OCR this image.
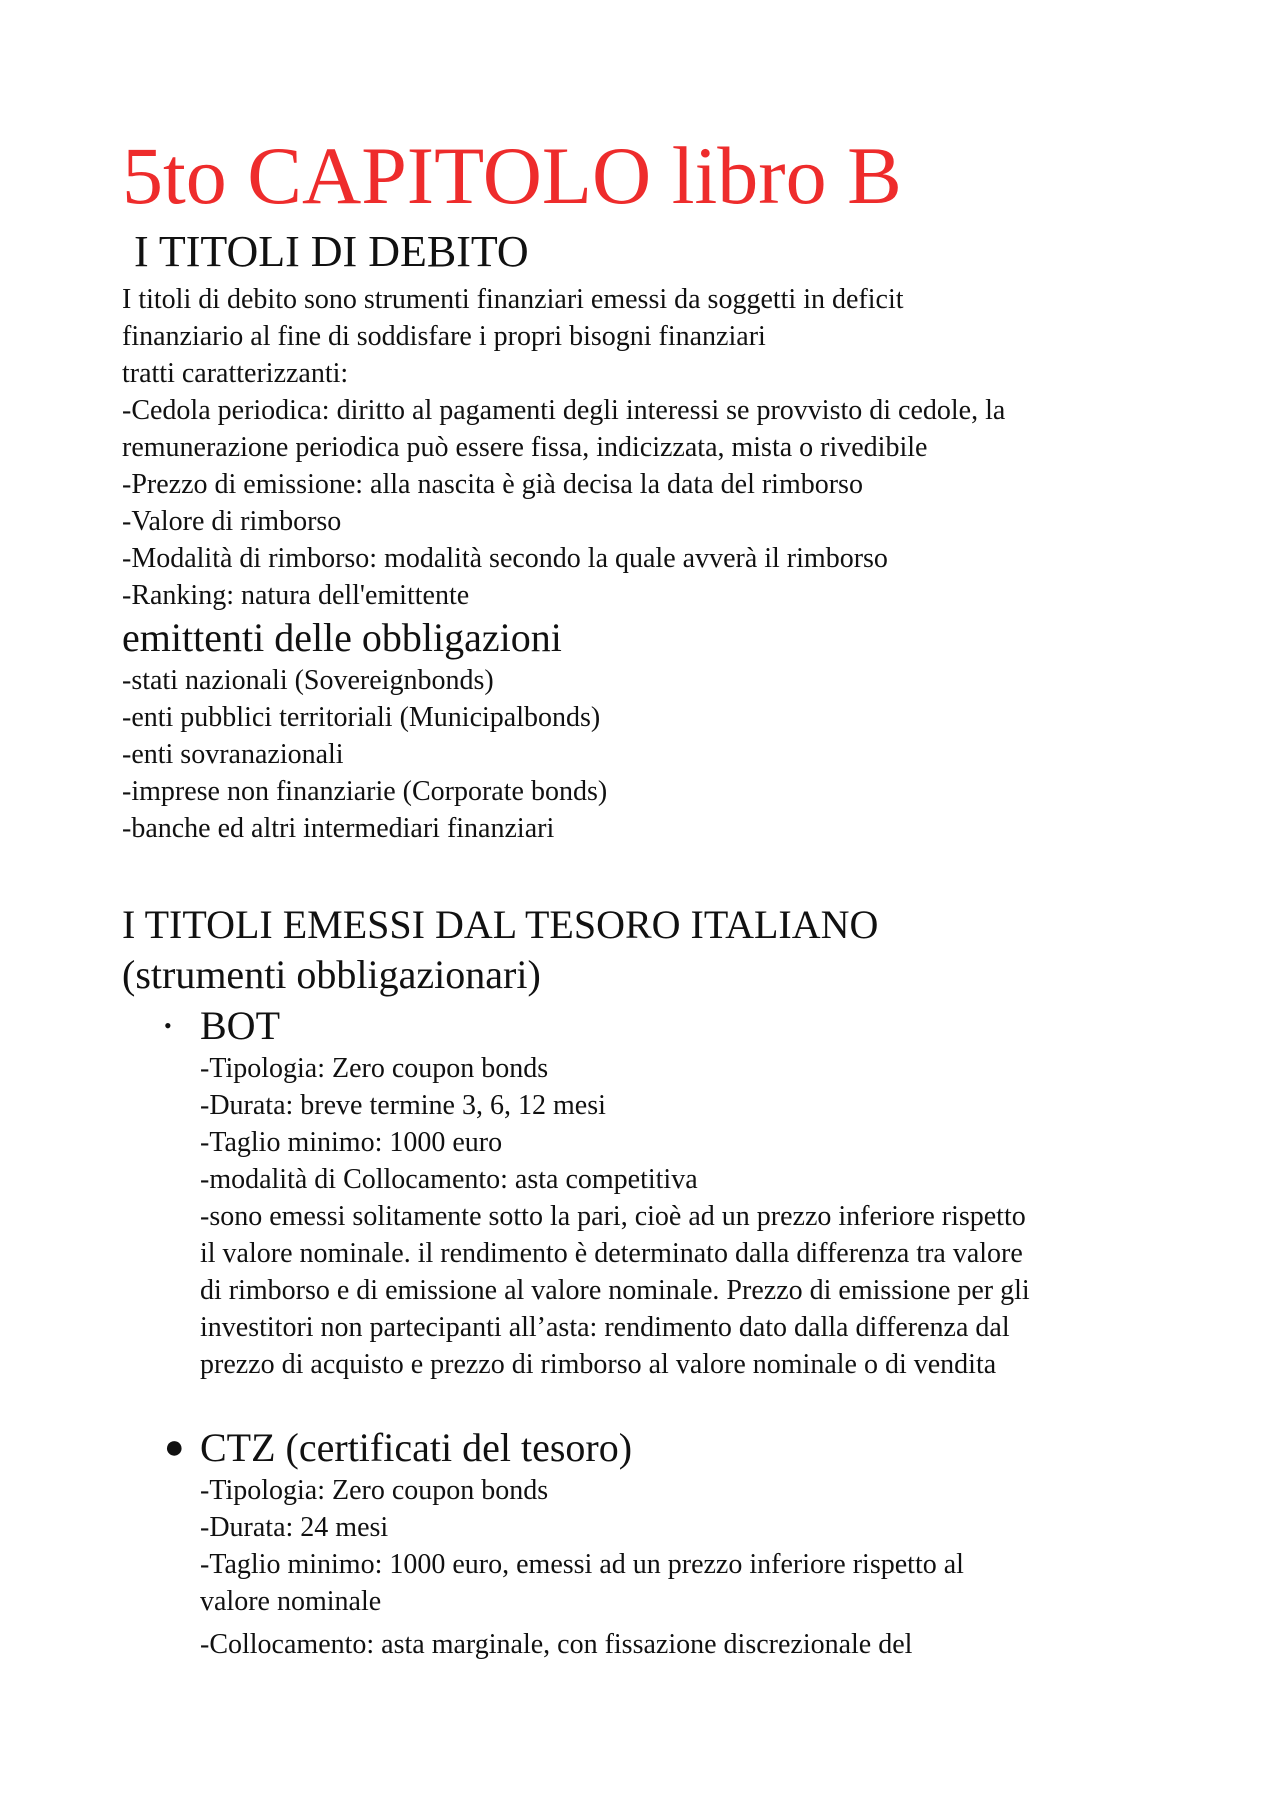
5to CAPITOLO libro B
I TITOLI DI DEBITO
I titoli di debito sono strumenti finanziari emessi da soggetti in deficit
finanziario al fine di soddisfare i propri bisogni finanziari
tratti caratterizzanti:
-Cedola periodica: diritto al pagamenti degli interessi se provvisto di cedole, la
remunerazione periodica può essere fissa, indicizzata, mista o rivedibile
-Prezzo di emissione: alla nascita è già decisa la data del rimborso
-Valore di rimborso
-Modalità di rimborso: modalità secondo la quale avverà il rimborso
-Ranking: natura dell'emittente
emittenti delle obbligazioni
-stati nazionali (Sovereignbonds)
-enti pubblici territoriali (Municipalbonds)
-enti sovranazionali
-imprese non finanziarie (Corporate bonds)
-banche ed altri intermediari finanziari
I TITOLI EMESSI DAL TESORO ITALIANO
(strumenti obbligazionari)
• BOT
-Tipologia: Zero coupon bonds
-Durata: breve termine 3, 6, 12 mesi
-Taglio minimo: 1000 euro
-modalità di Collocamento: asta competitiva
-sono emessi solitamente sotto la pari, cioè ad un prezzo inferiore rispetto
il valore nominale. il rendimento è determinato dalla differenza tra valore
di rimborso e di emissione al valore nominale. Prezzo di emissione per gli
investitori non partecipanti all’asta: rendimento dato dalla differenza dal
prezzo di acquisto e prezzo di rimborso al valore nominale o di vendita
● CTZ (certificati del tesoro)
-Tipologia: Zero coupon bonds
-Durata: 24 mesi
-Taglio minimo: 1000 euro, emessi ad un prezzo inferiore rispetto al
valore nominale
-Collocamento: asta marginale, con fissazione discrezionale del
